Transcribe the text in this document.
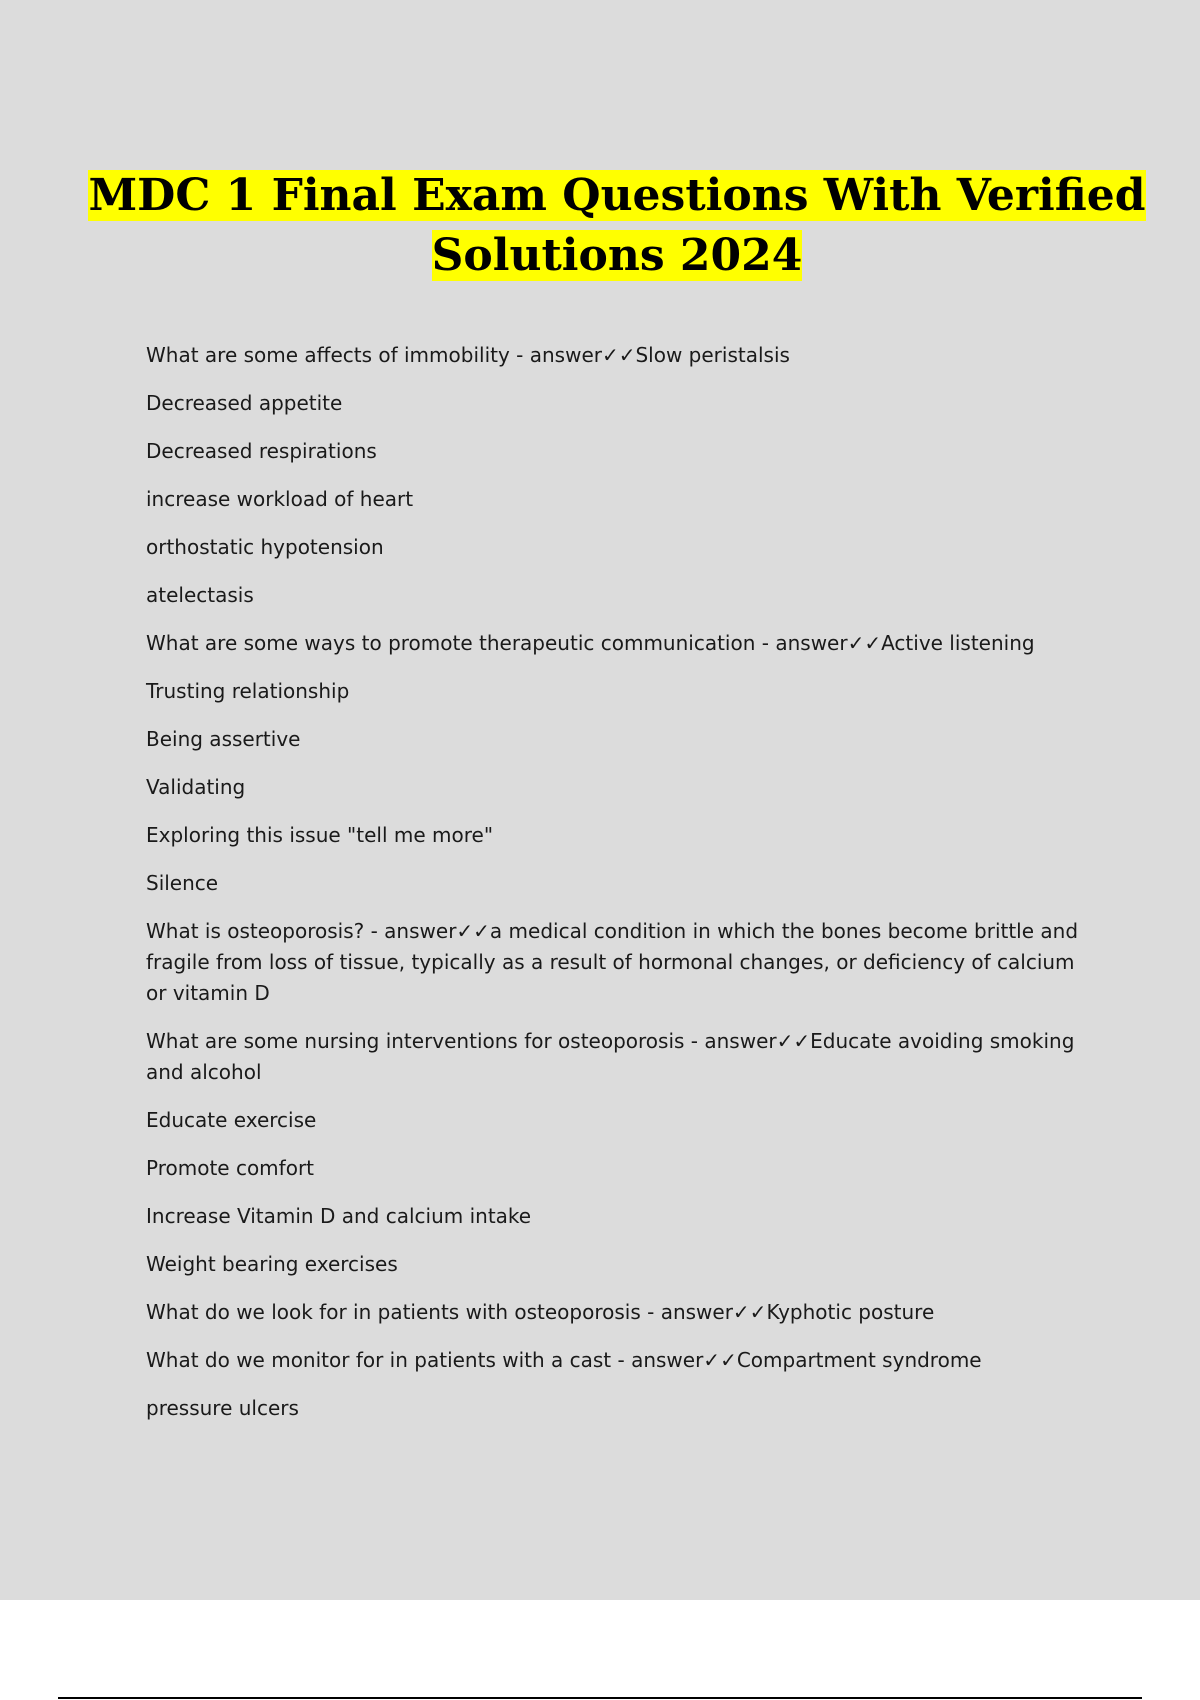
MDC 1 Final Exam Questions With Verified
Solutions 2024

What are some affects of immobility - answer✓✓Slow peristalsis

Decreased appetite

Decreased respirations

increase workload of heart

orthostatic hypotension

atelectasis

What are some ways to promote therapeutic communication - answer✓✓Active listening

Trusting relationship

Being assertive

Validating

Exploring this issue "tell me more"

Silence

What is osteoporosis? - answer✓✓a medical condition in which the bones become brittle and fragile from loss of tissue, typically as a result of hormonal changes, or deficiency of calcium or vitamin D

What are some nursing interventions for osteoporosis - answer✓✓Educate avoiding smoking and alcohol

Educate exercise

Promote comfort

Increase Vitamin D and calcium intake

Weight bearing exercises

What do we look for in patients with osteoporosis - answer✓✓Kyphotic posture

What do we monitor for in patients with a cast - answer✓✓Compartment syndrome

pressure ulcers
